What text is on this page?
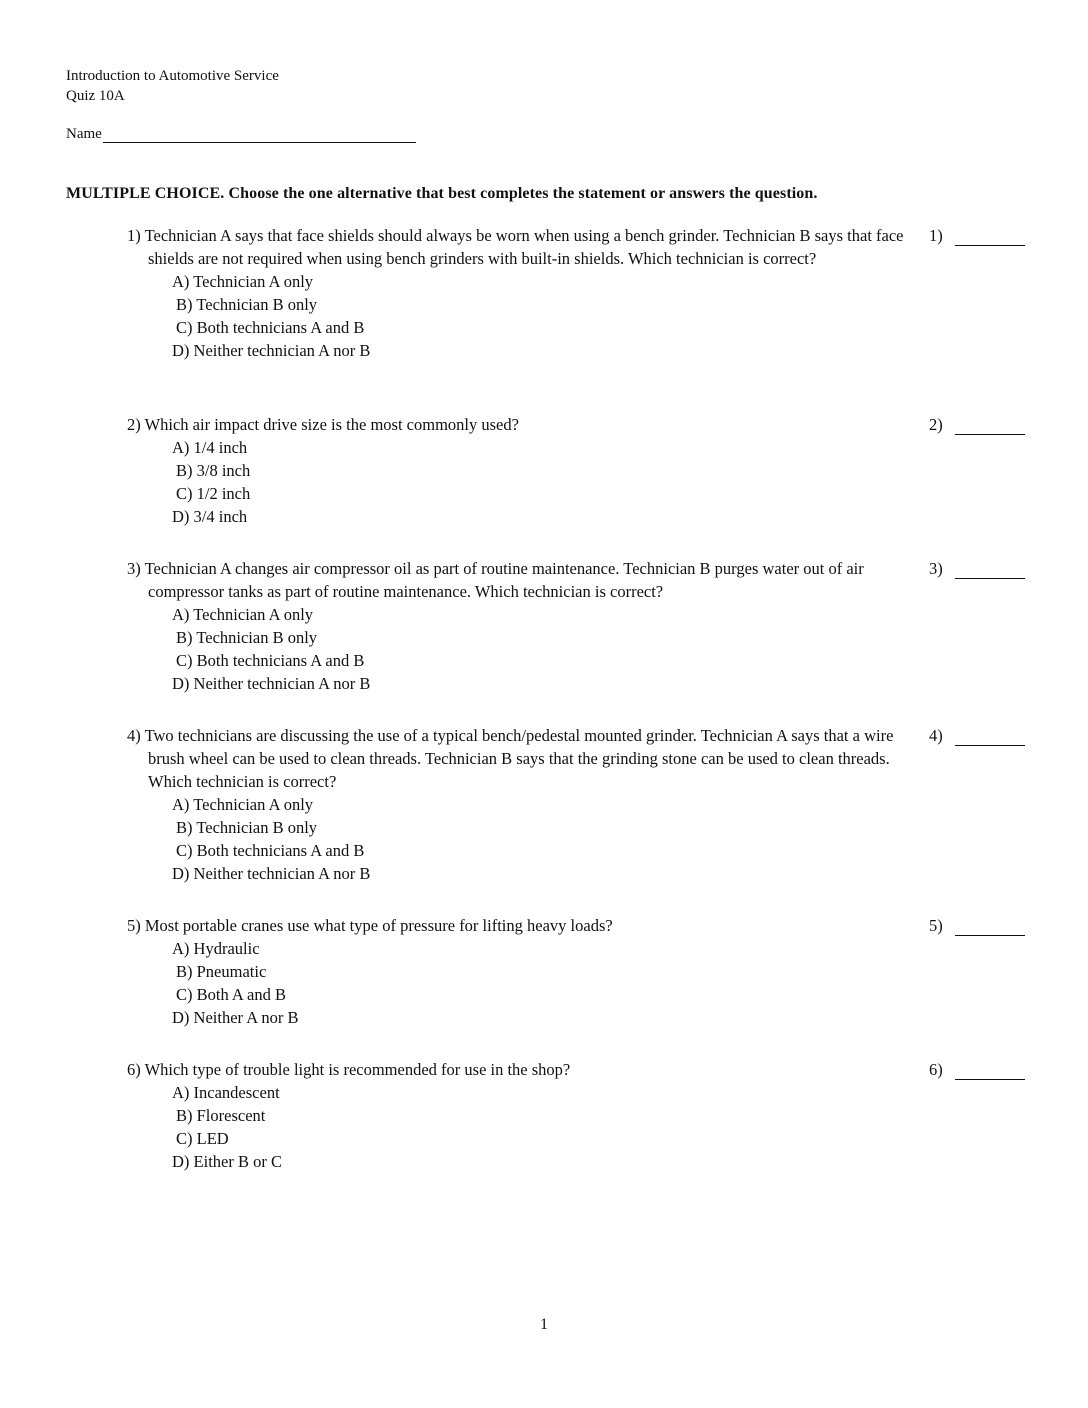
Introduction to Automotive Service
Quiz 10A
Name
MULTIPLE CHOICE. Choose the one alternative that best completes the statement or answers the question.
1) Technician A says that face shields should always be worn when using a bench grinder. Technician B says that face shields are not required when using bench grinders with built-in shields. Which technician is correct?
A) Technician A only
B) Technician B only
C) Both technicians A and B
D) Neither technician A nor B
1)
2) Which air impact drive size is the most commonly used?
A) 1/4 inch
B) 3/8 inch
C) 1/2 inch
D) 3/4 inch
2)
3) Technician A changes air compressor oil as part of routine maintenance. Technician B purges water out of air compressor tanks as part of routine maintenance. Which technician is correct?
A) Technician A only
B) Technician B only
C) Both technicians A and B
D) Neither technician A nor B
3)
4) Two technicians are discussing the use of a typical bench/pedestal mounted grinder. Technician A says that a wire brush wheel can be used to clean threads. Technician B says that the grinding stone can be used to clean threads. Which technician is correct?
A) Technician A only
B) Technician B only
C) Both technicians A and B
D) Neither technician A nor B
4)
5) Most portable cranes use what type of pressure for lifting heavy loads?
A) Hydraulic
B) Pneumatic
C) Both A and B
D) Neither A nor B
5)
6) Which type of trouble light is recommended for use in the shop?
A) Incandescent
B) Florescent
C) LED
D) Either B or C
6)
1
